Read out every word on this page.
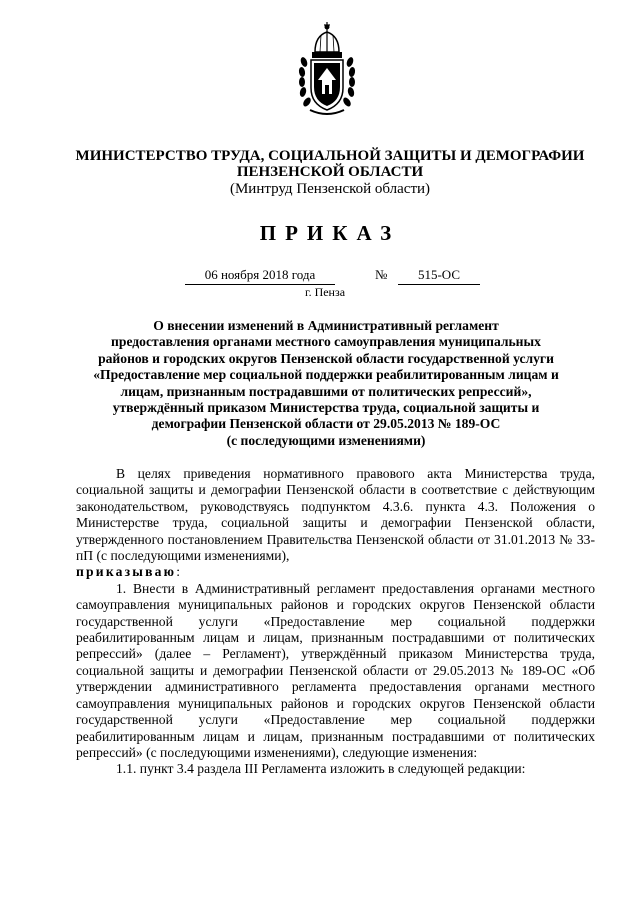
МИНИСТЕРСТВО ТРУДА, СОЦИАЛЬНОЙ ЗАЩИТЫ И ДЕМОГРАФИИ
ПЕНЗЕНСКОЙ ОБЛАСТИ
(Минтруд Пензенской области)
ПРИКАЗ
06 ноября 2018 года	№	515-ОС
г. Пенза
О внесении изменений в Административный регламент
предоставления органами местного самоуправления муниципальных
районов и городских округов Пензенской области государственной услуги
«Предоставление мер социальной поддержки реабилитированным лицам и
лицам, признанным пострадавшими от политических репрессий»,
утверждённый приказом Министерства труда, социальной защиты и
демографии Пензенской области от 29.05.2013 № 189-ОС
(с последующими изменениями)

В целях приведения нормативного правового акта Министерства труда, социальной защиты и демографии Пензенской области в соответствие с действующим законодательством, руководствуясь подпунктом 4.3.6. пункта 4.3. Положения о Министерстве труда, социальной защиты и демографии Пензенской области, утвержденного постановлением Правительства Пензенской области от 31.01.2013 № 33-пП (с последующими изменениями),

приказываю:

1. Внести в Административный регламент предоставления органами местного самоуправления муниципальных районов и городских округов Пензенской области государственной услуги «Предоставление мер социальной поддержки реабилитированным лицам и лицам, признанным пострадавшими от политических репрессий» (далее – Регламент), утверждённый приказом Министерства труда, социальной защиты и демографии Пензенской области от 29.05.2013 № 189-ОС «Об утверждении административного регламента предоставления органами местного самоуправления муниципальных районов и городских округов Пензенской области государственной услуги «Предоставление мер социальной поддержки реабилитированным лицам и лицам, признанным пострадавшими от политических репрессий» (с последующими изменениями), следующие изменения:

1.1. пункт 3.4 раздела III Регламента изложить в следующей редакции:
